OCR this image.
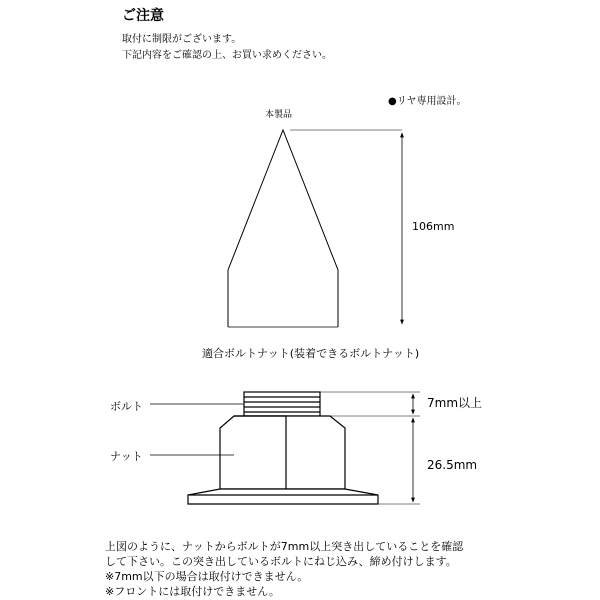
ご注意
取付に制限がございます。
下記内容をご確認の上、お買い求めください。
●リヤ専用設計。
本製品
106mm
適合ボルトナット(装着できるボルトナット)
ボルト
ナット
7mm以上
26.5mm
上図のように、ナットからボルトが7mm以上突き出していることを確認
して下さい。この突き出しているボルトにねじ込み、締め付けします。
※7mm以下の場合は取付けできません。
※フロントには取付けできません。
